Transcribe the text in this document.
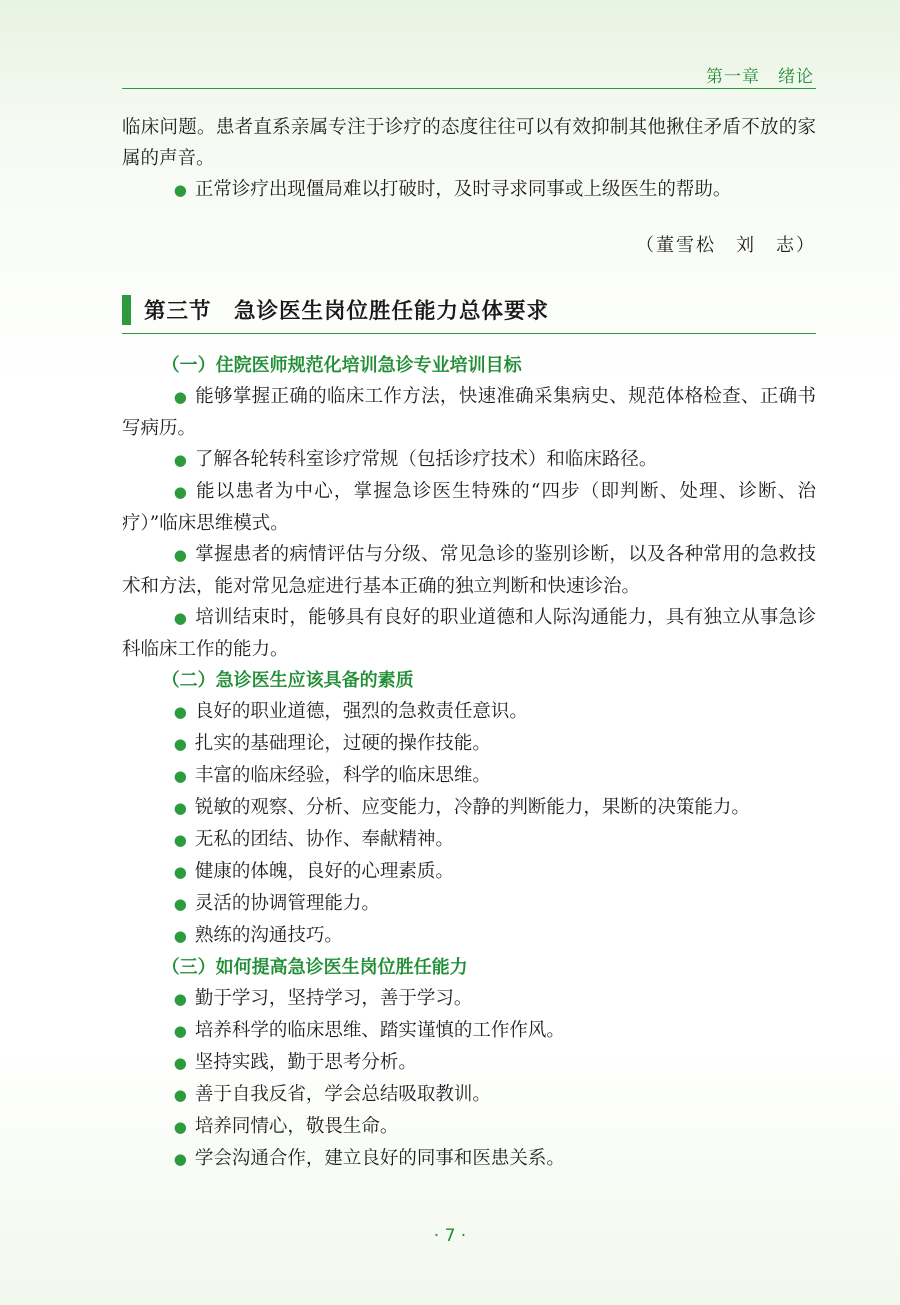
第一章　绪论

临床问题。患者直系亲属专注于诊疗的态度往往可以有效抑制其他揪住矛盾不放的家属的声音。

● 正常诊疗出现僵局难以打破时，及时寻求同事或上级医生的帮助。

（董雪松　刘　志）

第三节　急诊医生岗位胜任能力总体要求

（一）住院医师规范化培训急诊专业培训目标

● 能够掌握正确的临床工作方法，快速准确采集病史、规范体格检查、正确书写病历。

● 了解各轮转科室诊疗常规（包括诊疗技术）和临床路径。

● 能以患者为中心，掌握急诊医生特殊的“四步（即判断、处理、诊断、治疗）”临床思维模式。

● 掌握患者的病情评估与分级、常见急诊的鉴别诊断，以及各种常用的急救技术和方法，能对常见急症进行基本正确的独立判断和快速诊治。

● 培训结束时，能够具有良好的职业道德和人际沟通能力，具有独立从事急诊科临床工作的能力。

（二）急诊医生应该具备的素质

● 良好的职业道德，强烈的急救责任意识。

● 扎实的基础理论，过硬的操作技能。

● 丰富的临床经验，科学的临床思维。

● 锐敏的观察、分析、应变能力，冷静的判断能力，果断的决策能力。

● 无私的团结、协作、奉献精神。

● 健康的体魄，良好的心理素质。

● 灵活的协调管理能力。

● 熟练的沟通技巧。

（三）如何提高急诊医生岗位胜任能力

● 勤于学习，坚持学习，善于学习。

● 培养科学的临床思维、踏实谨慎的工作作风。

● 坚持实践，勤于思考分析。

● 善于自我反省，学会总结吸取教训。

● 培养同情心，敬畏生命。

● 学会沟通合作，建立良好的同事和医患关系。

· 7 ·
